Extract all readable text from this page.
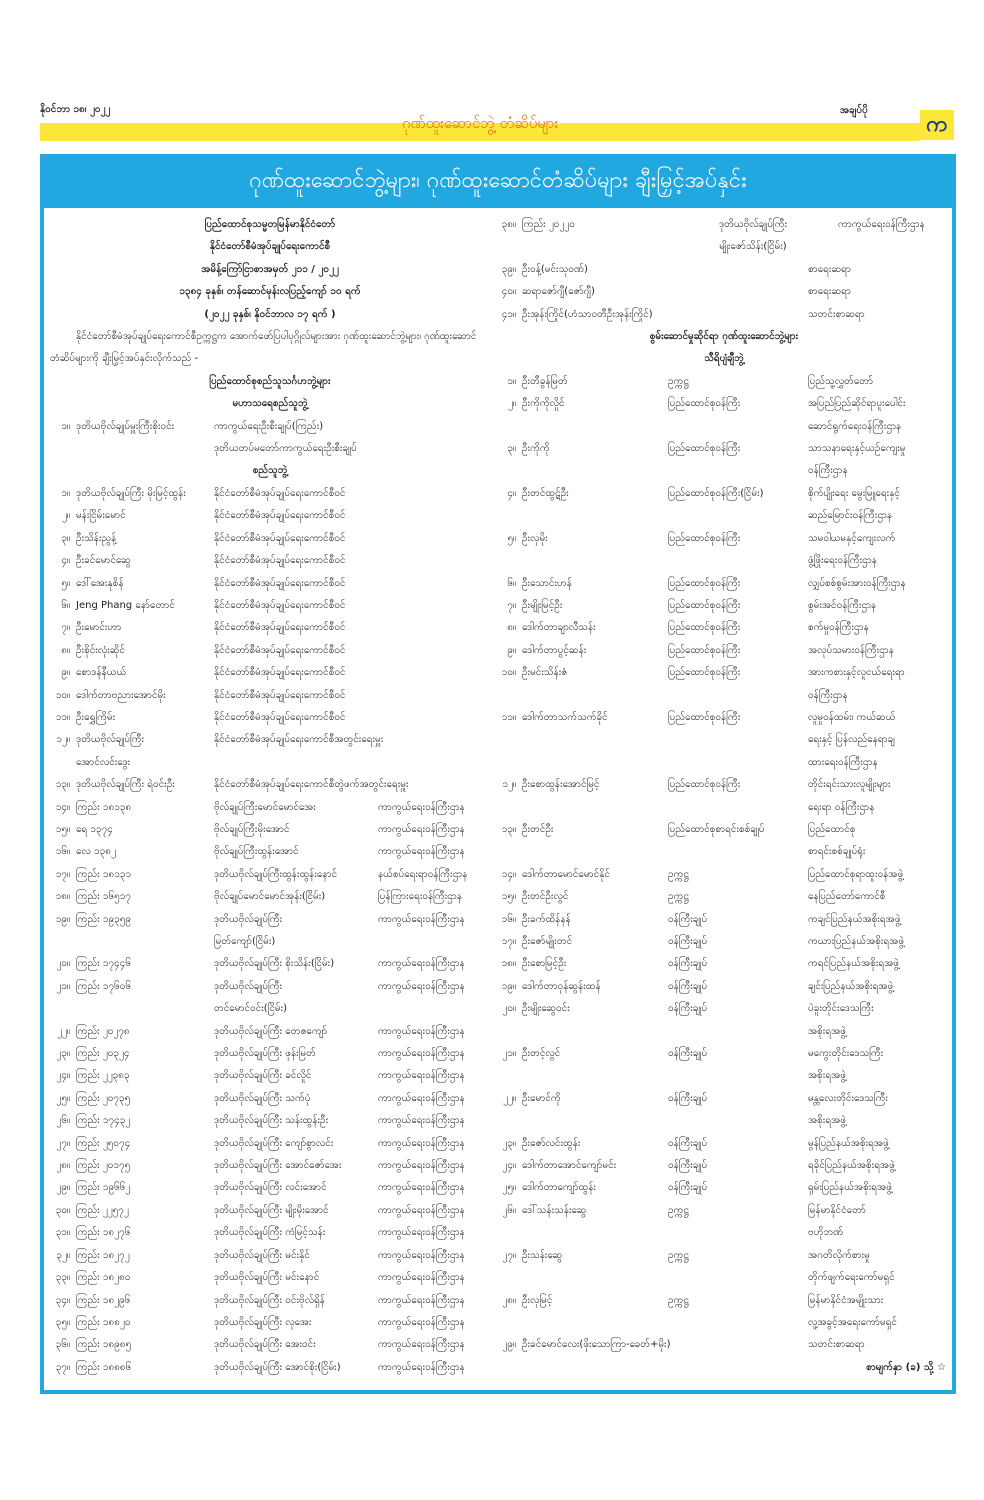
နိုဝင်ဘာ ၁၈၊ ၂၀၂၂
ဂုဏ်ထူးဆောင်ဘွဲ့ တံဆိပ်များ
အချပ်ပို
က
ဂုဏ်ထူးဆောင်ဘွဲ့များ၊ ဂုဏ်ထူးဆောင်တံဆိပ်များ ချီးမြှင့်အပ်နှင်း
ပြည်ထောင်စုသမ္မတမြန်မာနိုင်ငံတော်
နိုင်ငံတော်စီမံအုပ်ချုပ်ရေးကောင်စီ
အမိန့်ကြော်ငြာစာအမှတ် ၂၁၁ / ၂၀၂၂
၁၃၈၄ ခုနှစ်၊ တန်ဆောင်မုန်းလပြည့်ကျော် ၁၀ ရက်
(၂၀၂၂ ခုနှစ်၊ နိုဝင်ဘာလ ၁၇ ရက် )
နိုင်ငံတော်စီမံအုပ်ချုပ်ရေးကောင်စီဥက္ကဋ္ဌက အောက်ဖော်ပြပါပုဂ္ဂိုလ်များအား ဂုဏ်ထူးဆောင်ဘွဲ့များ၊ ဂုဏ်ထူးဆောင်တံဆိပ်များကို ချီးမြှင့်အပ်နှင်းလိုက်သည် -
ပြည်ထောင်စုစည်သူသင်္ဂဟဘွဲ့များ
မဟာသရေစည်သူဘွဲ့
၁။ ဒုတိယဗိုလ်ချုပ်မှူးကြီးစိုးဝင်း	ကာကွယ်ရေးဦးစီးချုပ်(ကြည်း)
ဒုတိယတပ်မတော်ကာကွယ်ရေးဦးစီးချုပ်
စည်သူဘွဲ့
၁။ ဒုတိယဗိုလ်ချုပ်ကြီး မိုးမြင့်ထွန်း	နိုင်ငံတော်စီမံအုပ်ချုပ်ရေးကောင်စီဝင်
၂။ မန်းငြိမ်းမောင်	နိုင်ငံတော်စီမံအုပ်ချုပ်ရေးကောင်စီဝင်
၃။ ဦးသိန်းညွန့်	နိုင်ငံတော်စီမံအုပ်ချုပ်ရေးကောင်စီဝင်
၄။ ဦးခင်မောင်ဆွေ	နိုင်ငံတော်စီမံအုပ်ချုပ်ရေးကောင်စီဝင်
၅။ ဒေါ်အေးနုစိန်	နိုင်ငံတော်စီမံအုပ်ချုပ်ရေးကောင်စီဝင်
၆။ Jeng Phang နော်တောင်	နိုင်ငံတော်စီမံအုပ်ချုပ်ရေးကောင်စီဝင်
၇။ ဦးမောင်းဟာ	နိုင်ငံတော်စီမံအုပ်ချုပ်ရေးကောင်စီဝင်
၈။ ဦးစိုင်းလုံးဆိုင်	နိုင်ငံတော်စီမံအုပ်ချုပ်ရေးကောင်စီဝင်
၉။ စောဒန်နီယယ်	နိုင်ငံတော်စီမံအုပ်ချုပ်ရေးကောင်စီဝင်
၁၀။ ဒေါက်တာဗညားအောင်မိုး	နိုင်ငံတော်စီမံအုပ်ချုပ်ရေးကောင်စီဝင်
၁၁။ ဦးရွှေကြိမ်း	နိုင်ငံတော်စီမံအုပ်ချုပ်ရေးကောင်စီဝင်
၁၂။ ဒုတိယဗိုလ်ချုပ်ကြီး	နိုင်ငံတော်စီမံအုပ်ချုပ်ရေးကောင်စီအတွင်းရေးမှူး
အောင်လင်းဒွေး
၁၃။ ဒုတိယဗိုလ်ချုပ်ကြီး ရဲဝင်းဦး	နိုင်ငံတော်စီမံအုပ်ချုပ်ရေးကောင်စီတွဲဖက်အတွင်းရေးမှူး
၁၄။ ကြည်း ၁၈၁၃၈	ဗိုလ်ချုပ်ကြီးမောင်မောင်အေး	ကာကွယ်ရေးဝန်ကြီးဌာန
၁၅။ ရေ ၁၃၇၄	ဗိုလ်ချုပ်ကြီးမိုးအောင်	ကာကွယ်ရေးဝန်ကြီးဌာန
၁၆။ လေ ၁၃၈၂	ဗိုလ်ချုပ်ကြီးထွန်းအောင်	ကာကွယ်ရေးဝန်ကြီးဌာန
၁၇။ ကြည်း ၁၈၁၃၁	ဒုတိယဗိုလ်ချုပ်ကြီးထွန်းထွန်းနောင်	နယ်စပ်ရေးရာဝန်ကြီးဌာန
၁၈။ ကြည်း ၁၆၅၁၇	ဗိုလ်ချုပ်မောင်မောင်အုန်း(ငြိမ်း)	ပြန်ကြားရေးဝန်ကြီးဌာန
၁၉။ ကြည်း ၁၉၃၅၉	ဒုတိယဗိုလ်ချုပ်ကြီး	ကာကွယ်ရေးဝန်ကြီးဌာန
မြတ်ကျော်(ငြိမ်း)
၂၀။ ကြည်း ၁၇၄၄၆	ဒုတိယဗိုလ်ချုပ်ကြီး စိုးသိန်း(ငြိမ်း)	ကာကွယ်ရေးဝန်ကြီးဌာန
၂၁။ ကြည်း ၁၇၆၀၆	ဒုတိယဗိုလ်ချုပ်ကြီး	ကာကွယ်ရေးဝန်ကြီးဌာန
တင်မောင်ဝင်း(ငြိမ်း)
၂၂။ ကြည်း ၂၀၂၇၈	ဒုတိယဗိုလ်ချုပ်ကြီး တေဇကျော်	ကာကွယ်ရေးဝန်ကြီးဌာန
၂၃။ ကြည်း ၂၀၃၂၄	ဒုတိယဗိုလ်ချုပ်ကြီး ဖုန်းမြတ်	ကာကွယ်ရေးဝန်ကြီးဌာန
၂၄။ ကြည်း ၂၂၃၈၃	ဒုတိယဗိုလ်ချုပ်ကြီး ခင်လှိုင်	ကာကွယ်ရေးဝန်ကြီးဌာန
၂၅။ ကြည်း ၂၀၇၃၅	ဒုတိယဗိုလ်ချုပ်ကြီး သက်ပုံ	ကာကွယ်ရေးဝန်ကြီးဌာန
၂၆။ ကြည်း ၁၇၄၃၂	ဒုတိယဗိုလ်ချုပ်ကြီး သန်းထွန်းဦး	ကာကွယ်ရေးဝန်ကြီးဌာန
၂၇။ ကြည်း ၂၅၀၇၄	ဒုတိယဗိုလ်ချုပ်ကြီး ကျော်စွာလင်း	ကာကွယ်ရေးဝန်ကြီးဌာန
၂၈။ ကြည်း ၂၀၁၇၅	ဒုတိယဗိုလ်ချုပ်ကြီး အောင်ဇော်အေး	ကာကွယ်ရေးဝန်ကြီးဌာန
၂၉။ ကြည်း ၁၉၆၆၂	ဒုတိယဗိုလ်ချုပ်ကြီး လင်းအောင်	ကာကွယ်ရေးဝန်ကြီးဌာန
၃၀။ ကြည်း ၂၂၅၇၂	ဒုတိယဗိုလ်ချုပ်ကြီး မျိုးမိုးအောင်	ကာကွယ်ရေးဝန်ကြီးဌာန
၃၁။ ကြည်း ၁၈၂၇၆	ဒုတိယဗိုလ်ချုပ်ကြီး ကံမြင့်သန်း	ကာကွယ်ရေးဝန်ကြီးဌာန
၃၂။ ကြည်း ၁၈၂၇၂	ဒုတိယဗိုလ်ချုပ်ကြီး မင်းနိုင်	ကာကွယ်ရေးဝန်ကြီးဌာန
၃၃။ ကြည်း ၁၈၂၈၀	ဒုတိယဗိုလ်ချုပ်ကြီး မင်းနောင်	ကာကွယ်ရေးဝန်ကြီးဌာန
၃၄။ ကြည်း ၁၈၂၉၆	ဒုတိယဗိုလ်ချုပ်ကြီး ဝင်းဗိုလ်ရှိန်	ကာကွယ်ရေးဝန်ကြီးဌာန
၃၅။ ကြည်း ၁၈၈၂၀	ဒုတိယဗိုလ်ချုပ်ကြီး လှအေး	ကာကွယ်ရေးဝန်ကြီးဌာန
၃၆။ ကြည်း ၁၈၉၈၅	ဒုတိယဗိုလ်ချုပ်ကြီး အေးဝင်း	ကာကွယ်ရေးဝန်ကြီးဌာန
၃၇။ ကြည်း ၁၈၈၈၆	ဒုတိယဗိုလ်ချုပ်ကြီး အောင်စိုး(ငြိမ်း)	ကာကွယ်ရေးဝန်ကြီးဌာန
၃၈။ ကြည်း ၂၀၂၂၀	ဒုတိယဗိုလ်ချုပ်ကြီး	ကာကွယ်ရေးဝန်ကြီးဌာန
မျိုးဇော်သိန်း(ငြိမ်း)
၃၉။ ဦးဝန့်(မင်းသုဝဏ်)	စာရေးဆရာ
၄၀။ ဆရာဇော်ဂျီ(ဇော်ဂျီ)	စာရေးဆရာ
၄၁။ ဦးအုန်းကြိုင်(ဟံသာဝတီဦးအုန်းကြိုင်)	သတင်းစာဆရာ
စွမ်းဆောင်မှုဆိုင်ရာ ဂုဏ်ထူးဆောင်ဘွဲ့များ
သီရိပျံချီဘွဲ့
၁။ ဦးတီခွန်မြတ်	ဥက္ကဋ္ဌ	ပြည်သူ့လွှတ်တော်
၂။ ဦးကိုကိုလှိုင်	ပြည်ထောင်စုဝန်ကြီး	အပြည်ပြည်ဆိုင်ရာပူးပေါင်း
ဆောင်ရွက်ရေးဝန်ကြီးဌာန
၃။ ဦးကိုကို	ပြည်ထောင်စုဝန်ကြီး	သာသနာရေးနှင့်ယဉ်ကျေးမှု
ဝန်ကြီးဌာန
၄။ ဦးတင်ထွဋ်ဦး	ပြည်ထောင်စုဝန်ကြီး(ငြိမ်း)	စိုက်ပျိုးရေး မွေးမြူရေးနှင့်
ဆည်မြောင်းဝန်ကြီးဌာန
၅။ ဦးလှမိုး	ပြည်ထောင်စုဝန်ကြီး	သမဝါယမနှင့်ကျေးလက်
ဖွံ့ဖြိုးရေးဝန်ကြီးဌာန
၆။ ဦးသောင်းဟန်	ပြည်ထောင်စုဝန်ကြီး	လျှပ်စစ်စွမ်းအားဝန်ကြီးဌာန
၇။ ဦးမျိုးမြင့်ဦး	ပြည်ထောင်စုဝန်ကြီး	စွမ်းအင်ဝန်ကြီးဌာန
၈။ ဒေါက်တာချာလီသန်း	ပြည်ထောင်စုဝန်ကြီး	စက်မှုဝန်ကြီးဌာန
၉။ ဒေါက်တာပွင့်ဆန်း	ပြည်ထောင်စုဝန်ကြီး	အလုပ်သမားဝန်ကြီးဌာန
၁၀။ ဦးမင်းသိန်းဇံ	ပြည်ထောင်စုဝန်ကြီး	အားကစားနှင့်လူငယ်ရေးရာ
ဝန်ကြီးဌာန
၁၁။ ဒေါက်တာသက်သက်ခိုင်	ပြည်ထောင်စုဝန်ကြီး	လူမှုဝန်ထမ်း၊ ကယ်ဆယ်
ရေးနှင့် ပြန်လည်နေရာချ
ထားရေးဝန်ကြီးဌာန
၁၂။ ဦးစောထွန်းအောင်မြင့်	ပြည်ထောင်စုဝန်ကြီး	တိုင်းရင်းသားလူမျိုးများ
ရေးရာ ဝန်ကြီးဌာန
၁၃။ ဦးတင်ဦး	ပြည်ထောင်စုစာရင်းစစ်ချုပ်	ပြည်ထောင်စု
စာရင်းစစ်ချုပ်ရုံး
၁၄။ ဒေါက်တာမောင်မောင်နိုင်	ဥက္ကဋ္ဌ	ပြည်ထောင်စုရာထူးဝန်အဖွဲ့
၁၅။ ဦးတင်ဦးလွင်	ဥက္ကဋ္ဌ	နေပြည်တော်ကောင်စီ
၁၆။ ဦးခက်ထိန်နန်	ဝန်ကြီးချုပ်	ကချင်ပြည်နယ်အစိုးရအဖွဲ့
၁၇။ ဦးဇော်မျိုးတင်	ဝန်ကြီးချုပ်	ကယားပြည်နယ်အစိုးရအဖွဲ့
၁၈။ ဦးစောမြင့်ဦး	ဝန်ကြီးချုပ်	ကရင်ပြည်နယ်အစိုးရအဖွဲ့
၁၉။ ဒေါက်တာဝုန်ဆွန်းထန်	ဝန်ကြီးချုပ်	ချင်းပြည်နယ်အစိုးရအဖွဲ့
၂၀။ ဦးမျိုးဆွေဝင်း	ဝန်ကြီးချုပ်	ပဲခူးတိုင်းဒေသကြီး
အစိုးရအဖွဲ့
၂၁။ ဦးတင့်လွင်	ဝန်ကြီးချုပ်	မကွေးတိုင်းဒေသကြီး
အစိုးရအဖွဲ့
၂၂။ ဦးမောင်ကို	ဝန်ကြီးချုပ်	မန္တလေးတိုင်းဒေသကြီး
အစိုးရအဖွဲ့
၂၃။ ဦးဇော်လင်းထွန်း	ဝန်ကြီးချုပ်	မွန်ပြည်နယ်အစိုးရအဖွဲ့
၂၄။ ဒေါက်တာအောင်ကျော်မင်း	ဝန်ကြီးချုပ်	ရခိုင်ပြည်နယ်အစိုးရအဖွဲ့
၂၅။ ဒေါက်တာကျော်ထွန်း	ဝန်ကြီးချုပ်	ရှမ်းပြည်နယ်အစိုးရအဖွဲ့
၂၆။ ဒေါ်သန်းသန်းဆွေ	ဥက္ကဋ္ဌ	မြန်မာနိုင်ငံတော်
ဗဟိုဘဏ်
၂၇။ ဦးသန်းဆွေ	ဥက္ကဋ္ဌ	အဂတိလိုက်စားမှု
တိုက်ဖျက်ရေးကော်မရှင်
၂၈။ ဦးလှမြင့်	ဥက္ကဋ္ဌ	မြန်မာနိုင်ငံအမျိုးသား
လူ့အခွင့်အရေးကော်မရှင်
၂၉။ ဦးခင်မောင်လေး(ဖိုးသောကြာ-ခေတ်+မိုး)	သတင်းစာဆရာ
စာမျက်နှာ (ခ) သို့ ☆
